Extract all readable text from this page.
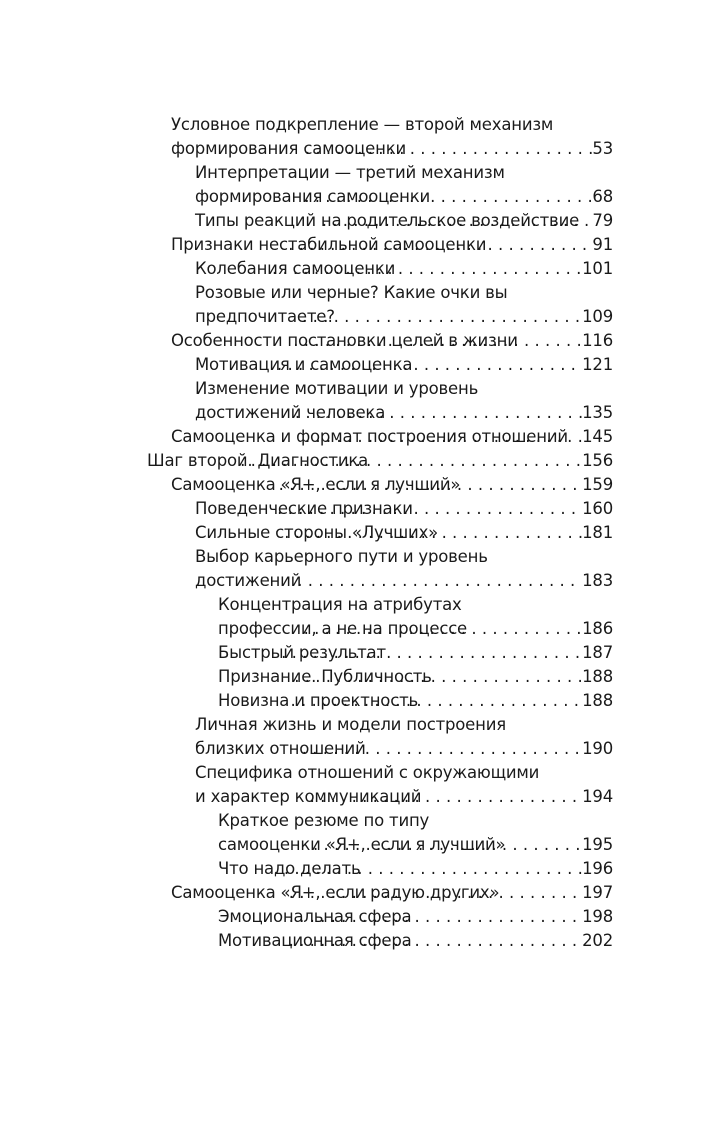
Условное подкрепление — второй механизм
формирования самооценки . . .	53
Интерпретации — третий механизм
формирования самооценки . . .	68
Типы реакций на родительское воздействие . . . 79
Признаки нестабильной самооценки . . .	91
Колебания самооценки . . .	101
Розовые или черные? Какие очки вы
предпочитаете? . . .	109
Особенности постановки целей в жизни . . .	116
Мотивация и самооценка . . .	121
Изменение мотивации и уровень
достижений человека . . .	135
Самооценка и формат построения отношений . . . 145
Шаг второй. Диагностика . . .	156
Самооценка «Я+, если я лучший» . . .	159
Поведенческие признаки . . .	160
Сильные стороны «Лучших» . . .	181
Выбор карьерного пути и уровень
достижений . . .	183
Концентрация на атрибутах
профессии, а не на процессе . . .	186
Быстрый результат . . .	187
Признание. Публичность . . .	188
Новизна и проектность . . .	188
Личная жизнь и модели построения
близких отношений . . .	190
Специфика отношений с окружающими
и характер коммуникаций . . .	194
Краткое резюме по типу
самооценки «Я+, если я лучший» . . .	195
Что надо делать . . .	196
Самооценка «Я+, если радую других» . . .	197
Эмоциональная сфера . . .	198
Мотивационная сфера . . .	202
